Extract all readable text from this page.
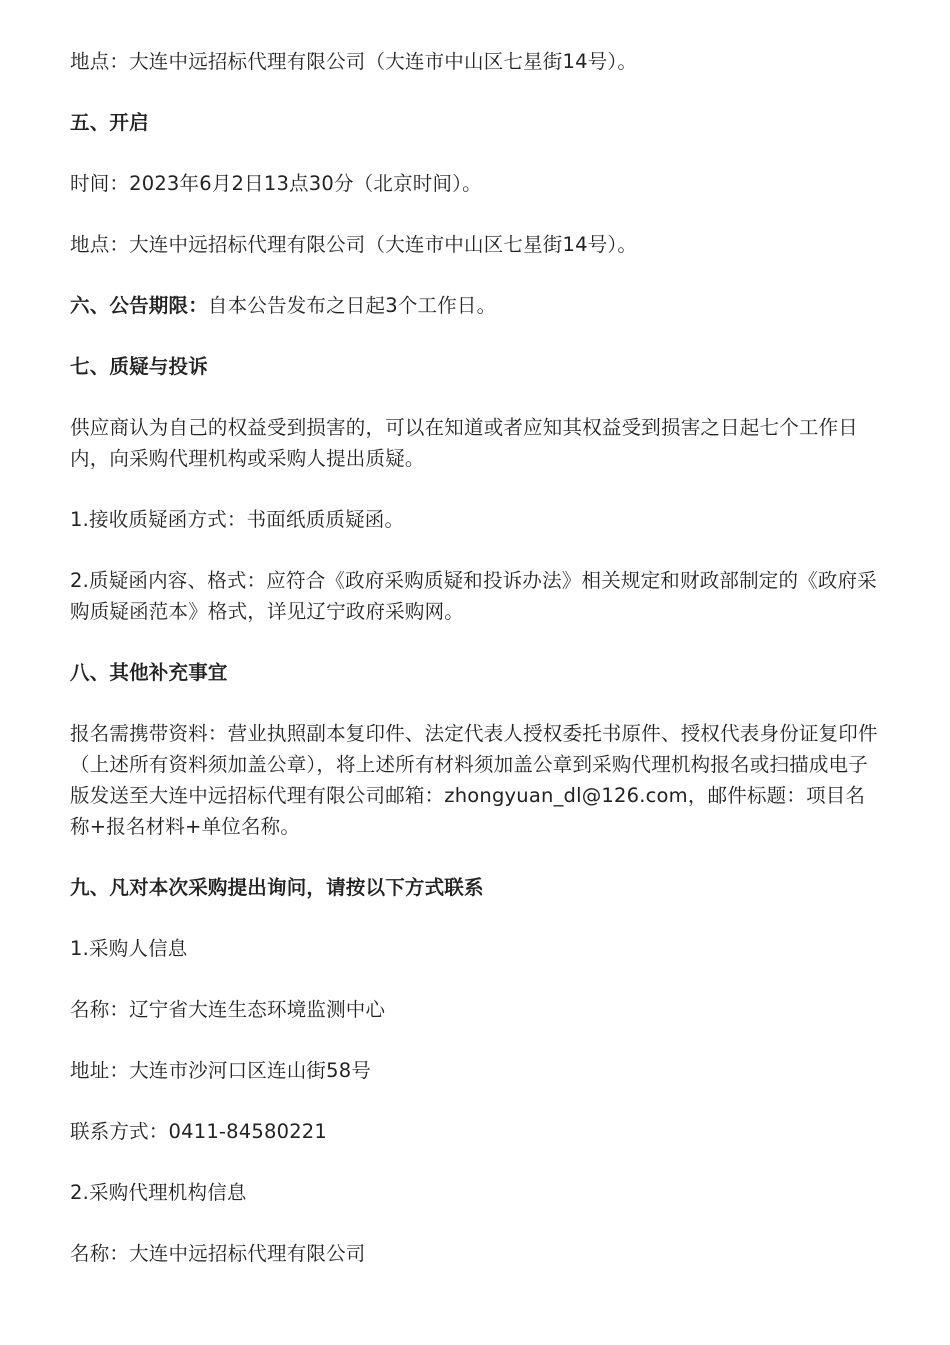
地点：大连中远招标代理有限公司（大连市中山区七星街14号）。

五、开启

时间：2023年6月2日13点30分（北京时间）。

地点：大连中远招标代理有限公司（大连市中山区七星街14号）。

六、公告期限：自本公告发布之日起3个工作日。

七、质疑与投诉

供应商认为自己的权益受到损害的，可以在知道或者应知其权益受到损害之日起七个工作日内，向采购代理机构或采购人提出质疑。

1.接收质疑函方式：书面纸质质疑函。

2.质疑函内容、格式：应符合《政府采购质疑和投诉办法》相关规定和财政部制定的《政府采购质疑函范本》格式，详见辽宁政府采购网。

八、其他补充事宜

报名需携带资料：营业执照副本复印件、法定代表人授权委托书原件、授权代表身份证复印件（上述所有资料须加盖公章），将上述所有材料须加盖公章到采购代理机构报名或扫描成电子版发送至大连中远招标代理有限公司邮箱：zhongyuan_dl@126.com，邮件标题：项目名称+报名材料+单位名称。

九、凡对本次采购提出询问，请按以下方式联系

1.采购人信息

名称：辽宁省大连生态环境监测中心

地址：大连市沙河口区连山街58号

联系方式：0411-84580221

2.采购代理机构信息

名称：大连中远招标代理有限公司
